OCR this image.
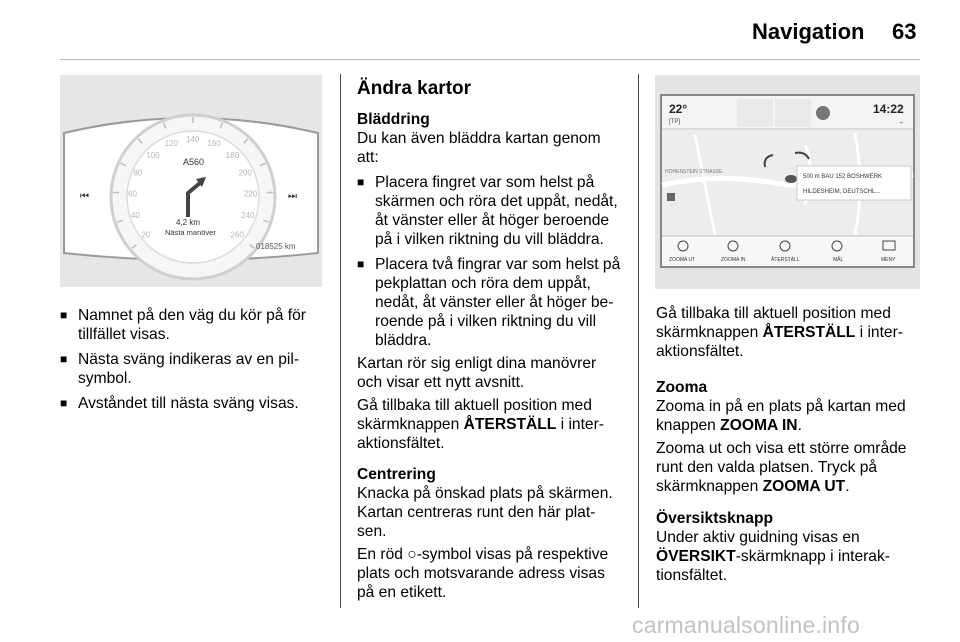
Navigation 63
20
40
60
80
100
120 140 160
180
200
220
240
260
A560
4,2 km
Nästa manöver
018525 km
⏮	⏭
■ Namnet på den väg du kör på för tillfället visas.
■ Nästa sväng indikeras av en pil-symbol.
■ Avståndet till nästa sväng visas.
Ändra kartor
Bläddring

Du kan även bläddra kartan genom att:

■ Placera fingret var som helst på skärmen och röra det uppåt, nedåt, åt vänster eller åt höger beroende på i vilken riktning du vill bläddra.
■ Placera två fingrar var som helst på pekplattan och röra dem uppåt, nedåt, åt vänster eller åt höger be-roende på i vilken riktning du vill bläddra.

Kartan rör sig enligt dina manövrer och visar ett nytt avsnitt.

Gå tillbaka till aktuell position med skärmknappen ÅTERSTÄLL i inter-aktionsfältet.

Centrering

Knacka på önskad plats på skärmen. Kartan centreras runt den här plat-sen.

En röd ○-symbol visas på respektive plats och motsvarande adress visas på en etikett.

22°
[TP]
14:22
⌁
HOHENSTEIN STRASSE
500 m BAU 152 BOSHWERK
HILDESHEIM, DEUTSCHL...
ZOOMA UT	ZOOMA IN	ÅTERSTÄLL	MÅL	MENY

Gå tillbaka till aktuell position med skärmknappen ÅTERSTÄLL i inter-aktionsfältet.

Zooma

Zooma in på en plats på kartan med knappen ZOOMA IN.

Zooma ut och visa ett större område runt den valda platsen. Tryck på skärmknappen ZOOMA UT.

Översiktsknapp

Under aktiv guidning visas en ÖVERSIKT-skärmknapp i interak-tionsfältet.

carmanualsonline.info
